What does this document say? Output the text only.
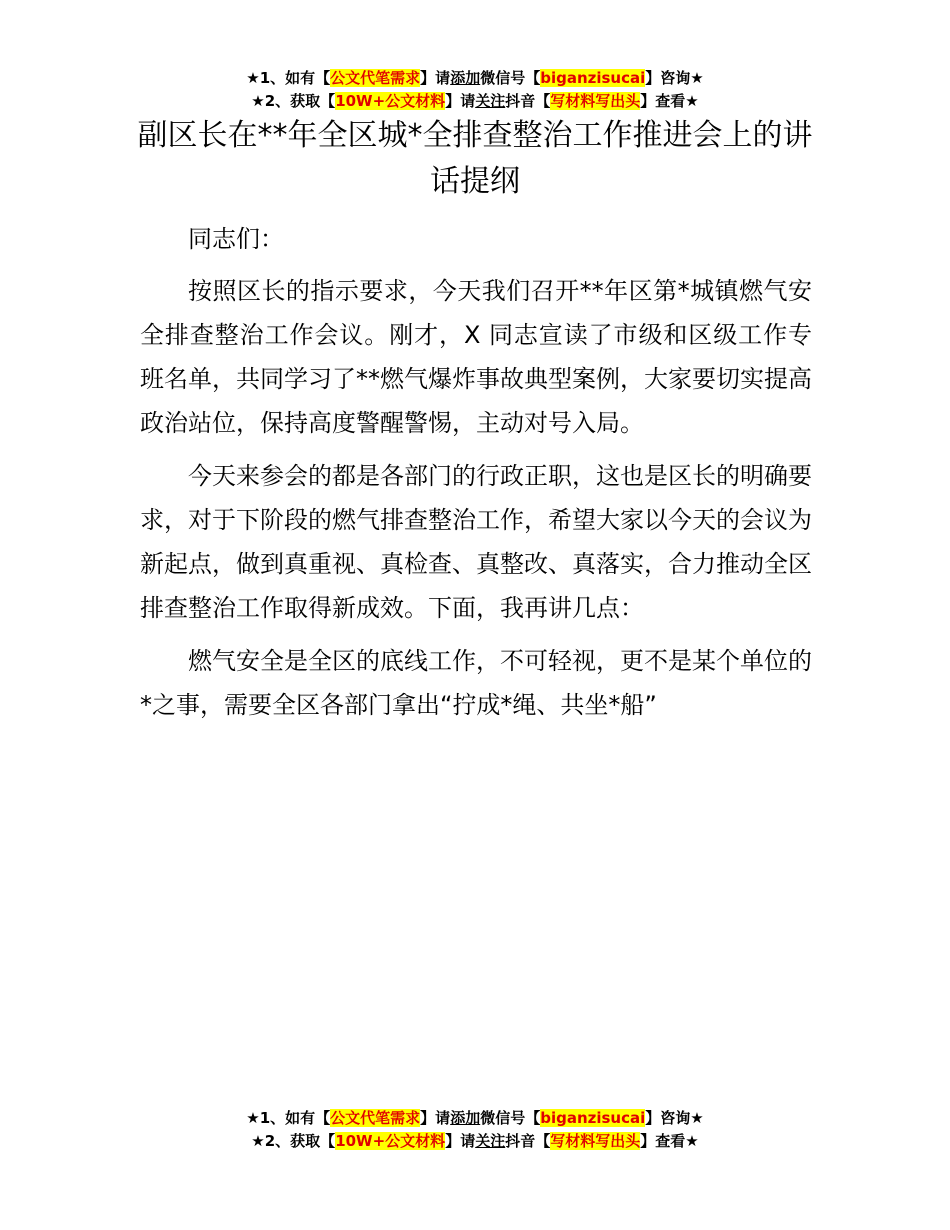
★1、如有【公文代笔需求】请添加微信号【biganzisucai】咨询★
★2、获取【10W+公文材料】请关注抖音【写材料写出头】查看★
副区长在**年全区城*全排查整治工作推进会上的讲话提纲

同志们：

按照区长的指示要求，今天我们召开**年区第*城镇燃气安全排查整治工作会议。刚才，X 同志宣读了市级和区级工作专班名单，共同学习了**燃气爆炸事故典型案例，大家要切实提高政治站位，保持高度警醒警惕，主动对号入局。

今天来参会的都是各部门的行政正职，这也是区长的明确要求，对于下阶段的燃气排查整治工作，希望大家以今天的会议为新起点，做到真重视、真检查、真整改、真落实，合力推动全区排查整治工作取得新成效。下面，我再讲几点：

燃气安全是全区的底线工作，不可轻视，更不是某个单位的*之事，需要全区各部门拿出“拧成*绳、共坐*船”

★1、如有【公文代笔需求】请添加微信号【biganzisucai】咨询★
★2、获取【10W+公文材料】请关注抖音【写材料写出头】查看★
